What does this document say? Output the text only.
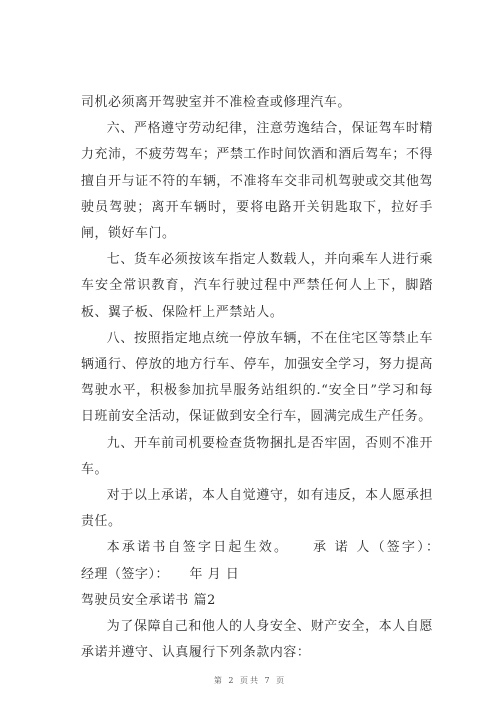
司机必须离开驾驶室并不准检查或修理汽车。

六、严格遵守劳动纪律，注意劳逸结合，保证驾车时精力充沛，不疲劳驾车；严禁工作时间饮酒和酒后驾车；不得擅自开与证不符的车辆，不准将车交非司机驾驶或交其他驾驶员驾驶；离开车辆时，要将电路开关钥匙取下，拉好手闸，锁好车门。

七、货车必须按该车指定人数载人，并向乘车人进行乘车安全常识教育，汽车行驶过程中严禁任何人上下，脚踏板、翼子板、保险杆上严禁站人。

八、按照指定地点统一停放车辆，不在住宅区等禁止车辆通行、停放的地方行车、停车，加强安全学习，努力提高驾驶水平，积极参加抗旱服务站组织的.“安全日”学习和每日班前安全活动，保证做到安全行车，圆满完成生产任务。

九、开车前司机要检查货物捆扎是否牢固，否则不准开车。

对于以上承诺，本人自觉遵守，如有违反，本人愿承担责任。

本承诺书自签字日起生效。　　承 诺 人（签字）：　　经理（签字）：　　年 月 日

驾驶员安全承诺书 篇2

为了保障自己和他人的人身安全、财产安全，本人自愿承诺并遵守、认真履行下列条款内容：

第 2 页共 7 页
